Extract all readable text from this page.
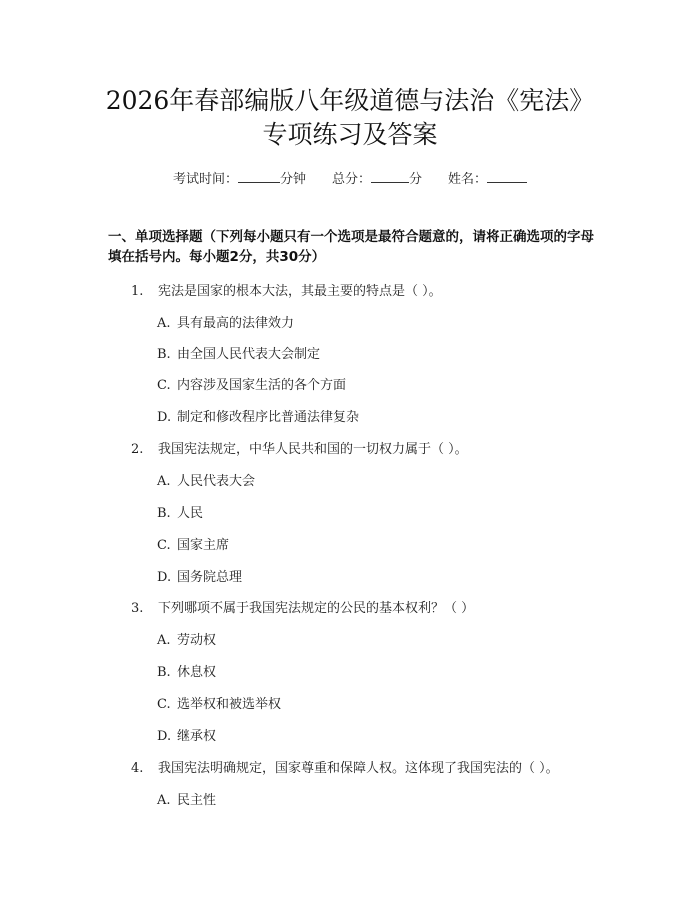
2026年春部编版八年级道德与法治《宪法》
专项练习及答案
考试时间：	分钟 总分：	分 姓名：
一、单项选择题（下列每小题只有一个选项是最符合题意的，请将正确选项的字母填在括号内。每小题2分，共30分）
1. 宪法是国家的根本大法，其最主要的特点是（ ）。
A. 具有最高的法律效力
B. 由全国人民代表大会制定
C. 内容涉及国家生活的各个方面
D. 制定和修改程序比普通法律复杂
2. 我国宪法规定，中华人民共和国的一切权力属于（ ）。
A. 人民代表大会
B. 人民
C. 国家主席
D. 国务院总理
3. 下列哪项不属于我国宪法规定的公民的基本权利？（ ）
A. 劳动权
B. 休息权
C. 选举权和被选举权
D. 继承权
4. 我国宪法明确规定，国家尊重和保障人权。这体现了我国宪法的（ ）。
A. 民主性
